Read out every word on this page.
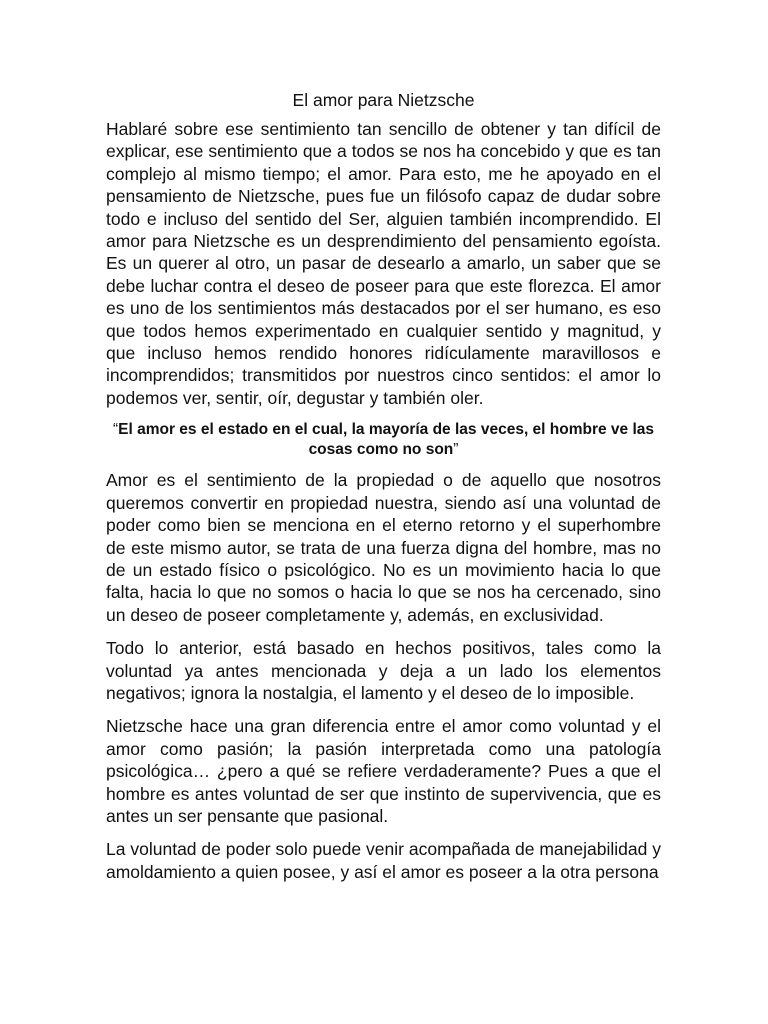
El amor para Nietzsche

Hablaré sobre ese sentimiento tan sencillo de obtener y tan difícil de explicar, ese sentimiento que a todos se nos ha concebido y que es tan complejo al mismo tiempo; el amor. Para esto, me he apoyado en el pensamiento de Nietzsche, pues fue un filósofo capaz de dudar sobre todo e incluso del sentido del Ser, alguien también incomprendido. El amor para Nietzsche es un desprendimiento del pensamiento egoísta. Es un querer al otro, un pasar de desearlo a amarlo, un saber que se debe luchar contra el deseo de poseer para que este florezca. El amor es uno de los sentimientos más destacados por el ser humano, es eso que todos hemos experimentado en cualquier sentido y magnitud, y que incluso hemos rendido honores ridículamente maravillosos e incomprendidos; transmitidos por nuestros cinco sentidos: el amor lo podemos ver, sentir, oír, degustar y también oler.

“El amor es el estado en el cual, la mayoría de las veces, el hombre ve las cosas como no son”

Amor es el sentimiento de la propiedad o de aquello que nosotros queremos convertir en propiedad nuestra, siendo así una voluntad de poder como bien se menciona en el eterno retorno y el superhombre de este mismo autor, se trata de una fuerza digna del hombre, mas no de un estado físico o psicológico. No es un movimiento hacia lo que falta, hacia lo que no somos o hacia lo que se nos ha cercenado, sino un deseo de poseer completamente y, además, en exclusividad.

Todo lo anterior, está basado en hechos positivos, tales como la voluntad ya antes mencionada y deja a un lado los elementos negativos; ignora la nostalgia, el lamento y el deseo de lo imposible.

Nietzsche hace una gran diferencia entre el amor como voluntad y el amor como pasión; la pasión interpretada como una patología psicológica… ¿pero a qué se refiere verdaderamente? Pues a que el hombre es antes voluntad de ser que instinto de supervivencia, que es antes un ser pensante que pasional.

La voluntad de poder solo puede venir acompañada de manejabilidad y amoldamiento a quien posee, y así el amor es poseer a la otra persona
